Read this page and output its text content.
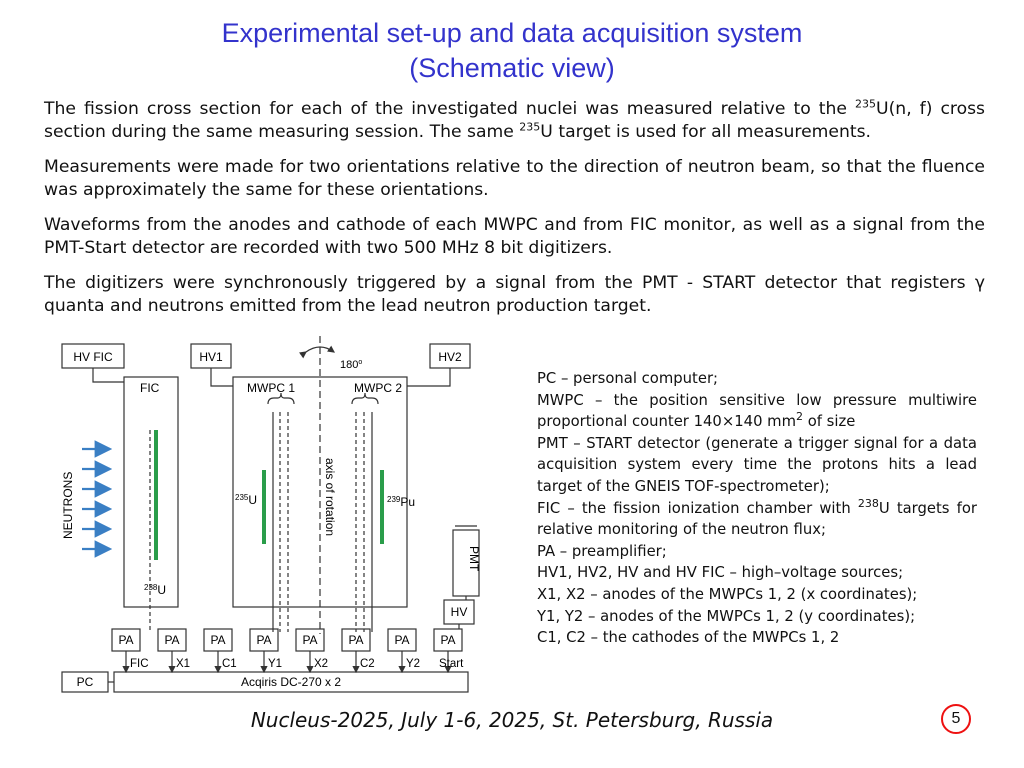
Experimental set-up and data acquisition system
(Schematic view)
The fission cross section for each of the investigated nuclei was measured relative to the $^{235}$U(n, f) cross section during the same measuring session. The same $^{235}$U target is used for all measurements.
Measurements were made for two orientations relative to the direction of neutron beam, so that the fluence was approximately the same for these orientations.
Waveforms from the anodes and cathode of each MWPC and from FIC monitor, as well as a signal from the PMT-Start detector are recorded with two 500 MHz 8 bit digitizers.
The digitizers were synchronously triggered by a signal from the PMT - START detector that registers γ quanta and neutrons emitted from the lead neutron production target.
HV FIC	HV1	HV2
180$^o$
FIC	MWPC 1	MWPC 2
axis of rotation
NEUTRONS	$^{235}$U	$^{239}$Pu
$^{238}$U
PMT
HV
PA	PA	PA	PA	PA	PA	PA	PA
FIC X1	C1	Y1	X2	C2	Y2 Start
PC	Acqiris DC-270 x 2
PC – personal computer;
MWPC – the position sensitive low pressure multiwire proportional counter 140×140 $mm^2$ of size
PMT – START detector (generate a trigger signal for a data acquisition system every time the protons hits a lead target of the GNEIS TOF-spectrometer);
FIC – the fission ionization chamber with $^{238}$U targets for relative monitoring of the neutron flux;
PA – preamplifier;
HV1, HV2, HV and HV FIC – high–voltage sources;
X1, X2 – anodes of the MWPCs 1, 2 (x coordinates);
Y1, Y2 – anodes of the MWPCs 1, 2 (y coordinates);
C1, C2 – the cathodes of the MWPCs 1, 2
Nucleus-2025, July 1-6, 2025, St. Petersburg, Russia	5
